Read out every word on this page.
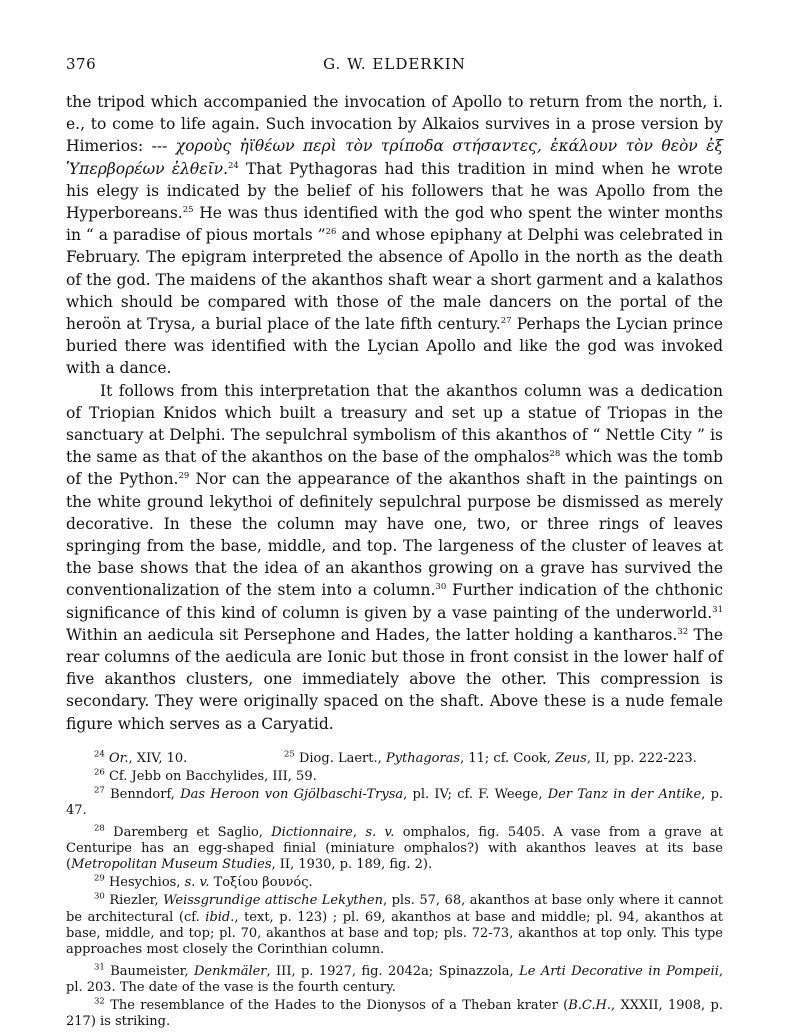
376	G. W. ELDERKIN

the tripod which accompanied the invocation of Apollo to return from the north, i. e., to come to life again. Such invocation by Alkaios survives in a prose version by Himerios: --- χοροὺς ἠϊθέων περὶ τὸν τρίποδα στήσαντες, ἐκάλουν τὸν θεὸν ἐξ Ὑπερβορέων ἐλθεῖν.$^{24}$ That Pythagoras had this tradition in mind when he wrote his elegy is indicated by the belief of his followers that he was Apollo from the Hyperboreans.$^{25}$ He was thus identified with the god who spent the winter months in “ a paradise of pious mortals ”$^{26}$ and whose epiphany at Delphi was celebrated in February. The epigram interpreted the absence of Apollo in the north as the death of the god. The maidens of the akanthos shaft wear a short garment and a kalathos which should be compared with those of the male dancers on the portal of the heroön at Trysa, a burial place of the late fifth century.$^{27}$ Perhaps the Lycian prince buried there was identified with the Lycian Apollo and like the god was invoked with a dance.

It follows from this interpretation that the akanthos column was a dedication of Triopian Knidos which built a treasury and set up a statue of Triopas in the sanctuary at Delphi. The sepulchral symbolism of this akanthos of “ Nettle City ” is the same as that of the akanthos on the base of the omphalos$^{28}$ which was the tomb of the Python.$^{29}$ Nor can the appearance of the akanthos shaft in the paintings on the white ground lekythoi of definitely sepulchral purpose be dismissed as merely decorative. In these the column may have one, two, or three rings of leaves springing from the base, middle, and top. The largeness of the cluster of leaves at the base shows that the idea of an akanthos growing on a grave has survived the conventionalization of the stem into a column.$^{30}$ Further indication of the chthonic significance of this kind of column is given by a vase painting of the underworld.$^{31}$ Within an aedicula sit Persephone and Hades, the latter holding a kantharos.$^{32}$ The rear columns of the aedicula are Ionic but those in front consist in the lower half of five akanthos clusters, one immediately above the other. This compression is secondary. They were originally spaced on the shaft. Above these is a nude female figure which serves as a Caryatid.

$^{24}$ Or., XIV, 10.	$^{25}$ Diog. Laert., Pythagoras, 11; cf. Cook, Zeus, II, pp. 222-223.
$^{26}$ Cf. Jebb on Bacchylides, III, 59.
$^{27}$ Benndorf, Das Heroon von Gjölbaschi-Trysa, pl. IV; cf. F. Weege, Der Tanz in der Antike, p. 47.
$^{28}$ Daremberg et Saglio, Dictionnaire, s. v. omphalos, fig. 5405. A vase from a grave at Centuripe has an egg-shaped finial (miniature omphalos?) with akanthos leaves at its base (Metropolitan Museum Studies, II, 1930, p. 189, fig. 2).
$^{29}$ Hesychios, s. v. Τοξίου βουνός.
$^{30}$ Riezler, Weissgrundige attische Lekythen, pls. 57, 68, akanthos at base only where it cannot be architectural (cf. ibid., text, p. 123) ; pl. 69, akanthos at base and middle; pl. 94, akanthos at base, middle, and top; pl. 70, akanthos at base and top; pls. 72-73, akanthos at top only. This type approaches most closely the Corinthian column.
$^{31}$ Baumeister, Denkmäler, III, p. 1927, fig. 2042a; Spinazzola, Le Arti Decorative in Pompeii, pl. 203. The date of the vase is the fourth century.
$^{32}$ The resemblance of the Hades to the Dionysos of a Theban krater (B.C.H., XXXII, 1908, p. 217) is striking.
